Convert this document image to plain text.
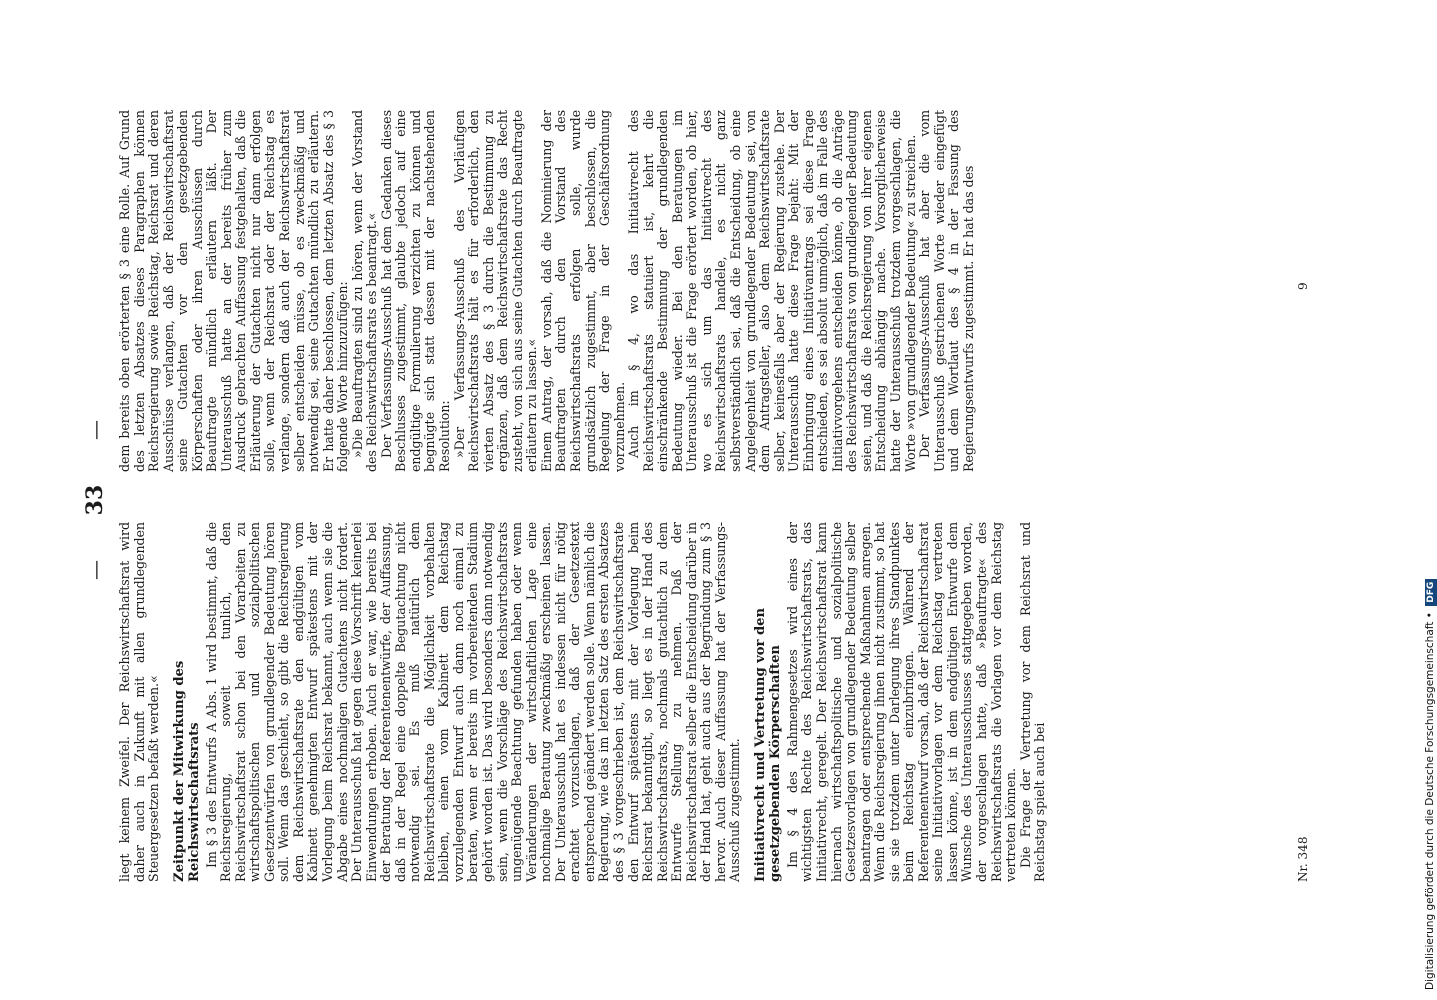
—
33
—

liegt keinem Zweifel. Der Reichswirtschaftsrat wird daher auch in Zukunft mit allen grundlegenden Steuergesetzen befaßt werden.« Zeitpunkt der Mitwirkung des Reichswirtschaftsrats Im § 3 des Entwurfs A Abs. 1 wird bestimmt, daß die Reichsregierung, soweit tunlich, den Reichswirtschaftsrat schon bei den Vorarbeiten zu wirtschaftspolitischen und sozialpolitischen Gesetzentwürfen von grundlegender Bedeutung hören soll. Wenn das geschieht, so gibt die Reichsregierung dem Reichswirtschaftsrate den endgültigen vom Kabinett genehmigten Entwurf spätestens mit der Vorlegung beim Reichsrat bekannt, auch wenn sie die Abgabe eines nochmaligen Gutachtens nicht fordert. Der Unterausschuß hat gegen diese Vorschrift keinerlei Einwendungen erhoben. Auch er war, wie bereits bei der Beratung der Referentenentwürfe, der Auffassung, daß in der Regel eine doppelte Begutachtung nicht notwendig sei. Es muß natürlich dem Reichswirtschaftsrate die Möglichkeit vorbehalten bleiben, einen vom Kabinett dem Reichstag vorzulegenden Entwurf auch dann noch einmal zu beraten, wenn er bereits im vorbereitenden Stadium gehört worden ist. Das wird besonders dann notwendig sein, wenn die Vorschläge des Reichswirtschaftsrats ungenügende Beachtung gefunden haben oder wenn Veränderungen der wirtschaftlichen Lage eine nochmalige Beratung zweckmäßig erscheinen lassen. Der Unterausschuß hat es indessen nicht für nötig erachtet vorzuschlagen, daß der Gesetzestext entsprechend geändert werden solle. Wenn nämlich die Regierung, wie das im letzten Satz des ersten Absatzes des § 3 vorgeschrieben ist, dem Reichswirtschaftsrate den Entwurf spätestens mit der Vorlegung beim Reichsrat bekanntgibt, so liegt es in der Hand des Reichswirtschaftsrats, nochmals gutachtlich zu dem Entwurfe Stellung zu nehmen. Daß der Reichswirtschaftsrat selber die Entscheidung darüber in der Hand hat, geht auch aus der Begründung zum § 3 hervor. Auch dieser Auffassung hat der Verfassungs-Ausschuß zugestimmt. Initiativrecht und Vertretung vor den gesetzgebenden Körperschaften Im § 4 des Rahmengesetzes wird eines der wichtigsten Rechte des Reichswirtschaftsrats, das Initiativrecht, geregelt. Der Reichswirtschaftsrat kann hiernach wirtschaftspolitische und sozialpolitische Gesetzesvorlagen von grundlegender Bedeutung selber beantragen oder entsprechende Maßnahmen anregen. Wenn die Reichsregierung ihnen nicht zustimmt, so hat sie sie trotzdem unter Darlegung ihres Standpunktes beim Reichstag einzubringen. Während der Referentenentwurf vorsah, daß der Reichswirtschaftsrat seine Initiativvorlagen vor dem Reichstag vertreten lassen könne, ist in dem endgültigen Entwurfe dem Wunsche des Unterausschusses stattgegeben worden, der vorgeschlagen hatte, daß »Beauftragte« des Reichswirtschaftsrats die Vorlagen vor dem Reichstag vertreten können. Die Frage der Vertretung vor dem Reichsrat und Reichstag spielt auch bei	Nr. 348

dem bereits oben erörterten § 3 eine Rolle. Auf Grund des letzten Absatzes dieses Paragraphen können Reichsregierung sowie Reichstag, Reichsrat und deren Ausschüsse verlangen, daß der Reichswirtschaftsrat seine Gutachten vor den gesetzgebenden Körperschaften oder ihren Ausschüssen durch Beauftragte mündlich erläutern läßt. Der Unterausschuß hatte an der bereits früher zum Ausdruck gebrachten Auffassung festgehalten, daß die Erläuterung der Gutachten nicht nur dann erfolgen solle, wenn der Reichsrat oder der Reichstag es verlange, sondern daß auch der Reichswirtschaftsrat selber entscheiden müsse, ob es zweckmäßig und notwendig sei, seine Gutachten mündlich zu erläutern. Er hatte daher beschlossen, dem letzten Absatz des § 3 folgende Worte hinzuzufügen: »Die Beauftragten sind zu hören, wenn der Vorstand des Reichswirtschaftsrats es beantragt.« Der Verfassungs-Ausschuß hat dem Gedanken dieses Beschlusses zugestimmt, glaubte jedoch auf eine endgültige Formulierung verzichten zu können und begnügte sich statt dessen mit der nachstehenden Resolution: »Der Verfassungs-Ausschuß des Vorläufigen Reichswirtschaftsrats hält es für erforderlich, den vierten Absatz des § 3 durch die Bestimmung zu ergänzen, daß dem Reichswirtschaftsrate das Recht zusteht, von sich aus seine Gutachten durch Beauftragte erläutern zu lassen.« Einem Antrag, der vorsah, daß die Nominierung der Beauftragten durch den Vorstand des Reichswirtschaftsrats erfolgen solle, wurde grundsätzlich zugestimmt, aber beschlossen, die Regelung der Frage in der Geschäftsordnung vorzunehmen. Auch im § 4, wo das Initiativrecht des Reichswirtschaftsrats statuiert ist, kehrt die einschränkende Bestimmung der grundlegenden Bedeutung wieder. Bei den Beratungen im Unterausschuß ist die Frage erörtert worden, ob hier, wo es sich um das Initiativrecht des Reichswirtschaftsrats handele, es nicht ganz selbstverständlich sei, daß die Entscheidung, ob eine Angelegenheit von grundlegender Bedeutung sei, von dem Antragsteller, also dem Reichswirtschaftsrate selber, keinesfalls aber der Regierung zustehe. Der Unterausschuß hatte diese Frage bejaht: Mit der Einbringung eines Initiativantrags sei diese Frage entschieden, es sei absolut unmöglich, daß im Falle des Initiativvorgehens entscheiden könne, ob die Anträge des Reichswirtschaftsrats von grundlegender Bedeutung seien, und daß die Reichsregierung von ihrer eigenen Entscheidung abhängig mache. Vorsorglicherweise hatte der Unterausschuß trotzdem vorgeschlagen, die Worte »von grundlegender Bedeutung« zu streichen. Der Verfassungs-Ausschuß hat aber die vom Unterausschuß gestrichenen Worte wieder eingefügt und dem Wortlaut des § 4 in der Fassung des Regierungsentwurfs zugestimmt. Er hat das des	9
Digitalisierung gefördert durch die Deutsche Forschungsgemeinschaft • DFG
